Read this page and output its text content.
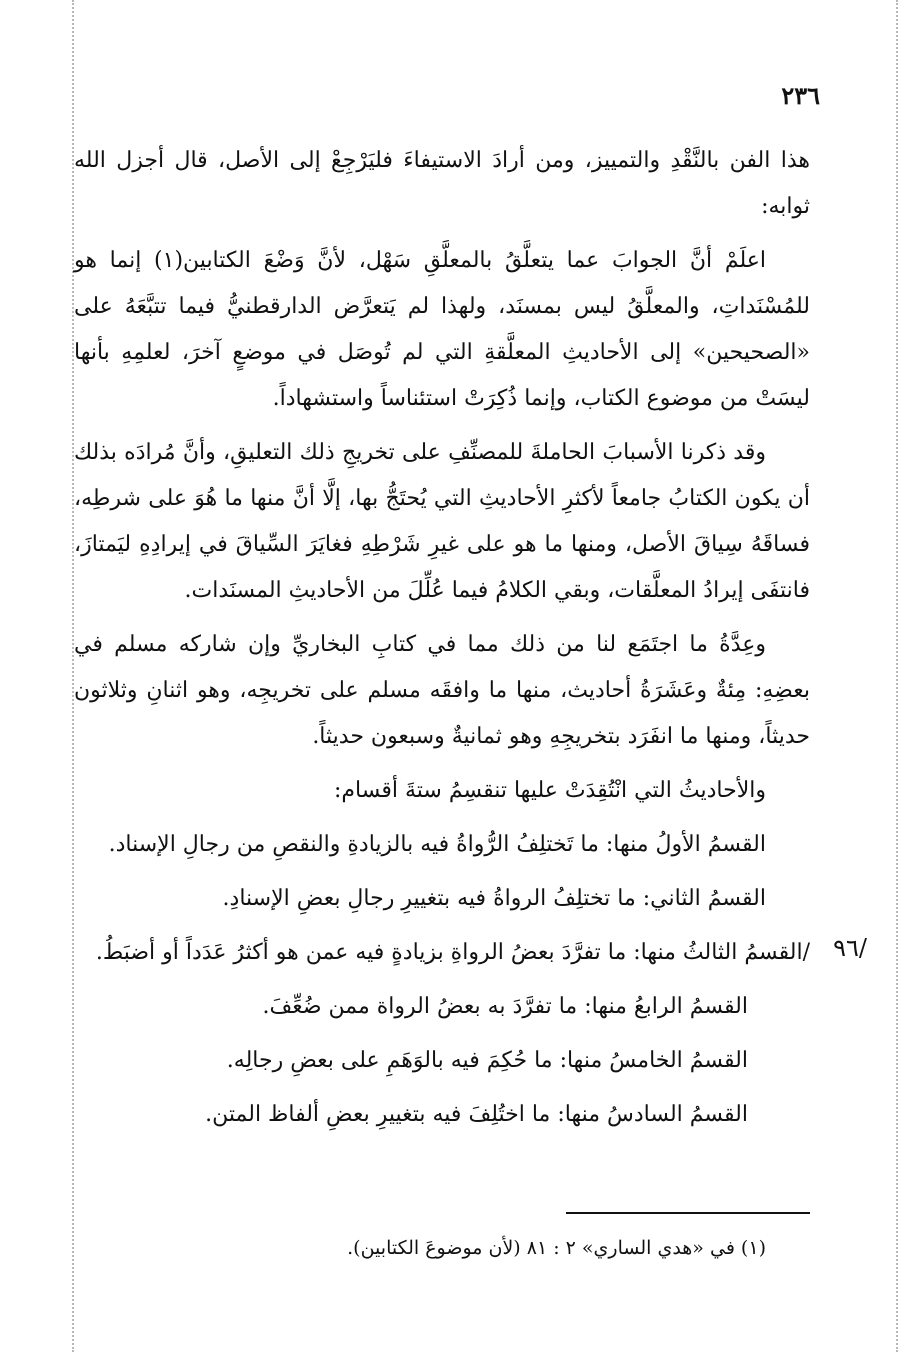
٢٣٦
/٩٦

هذا الفن بالنَّقْدِ والتمييز، ومن أرادَ الاستيفاءَ فليَرْجِعْ إلى الأصل، قال أجزل الله ثوابه:

اعلَمْ أنَّ الجوابَ عما يتعلَّقُ بالمعلَّقِ سَهْل، لأنَّ وَضْعَ الكتابين(١) إنما هو للمُسْنَداتِ، والمعلَّقُ ليس بمسنَد، ولهذا لم يَتعرَّض الدارقطنيُّ فيما تتبَّعَهُ على «الصحيحين» إلى الأحاديثِ المعلَّقةِ التي لم تُوصَل في موضعٍ آخرَ، لعلمِهِ بأنها ليسَتْ من موضوع الكتاب، وإنما ذُكِرَتْ استئناساً واستشهاداً.

وقد ذكرنا الأسبابَ الحاملةَ للمصنِّفِ على تخريجِ ذلك التعليقِ، وأنَّ مُرادَه بذلك أن يكون الكتابُ جامعاً لأكثرِ الأحاديثِ التي يُحتَجُّ بها، إلَّا أنَّ منها ما هُوَ على شرطِه، فساقَهُ سِياقَ الأصل، ومنها ما هو على غيرِ شَرْطِهِ فغايَرَ السِّياقَ في إيرادِهِ ليَمتازَ، فانتفَى إيرادُ المعلَّقات، وبقي الكلامُ فيما عُلِّلَ من الأحاديثِ المسنَدات.

وعِدَّةُ ما اجتَمَع لنا من ذلك مما في كتابِ البخاريِّ وإن شاركه مسلم في بعضِهِ: مِئةٌ وعَشَرَةُ أحاديث، منها ما وافقَه مسلم على تخريجِه، وهو اثنانِ وثلاثون حديثاً، ومنها ما انفَرَد بتخريجِهِ وهو ثمانيةٌ وسبعون حديثاً.

والأحاديثُ التي انْتُقِدَتْ عليها تنقسِمُ ستةَ أقسام:

القسمُ الأولُ منها: ما تَختلِفُ الرُّواةُ فيه بالزيادةِ والنقصِ من رجالِ الإسناد.

القسمُ الثاني: ما تختلِفُ الرواةُ فيه بتغييرِ رجالِ بعضِ الإسنادِ.

/القسمُ الثالثُ منها: ما تفرَّدَ بعضُ الرواةِ بزيادةٍ فيه عمن هو أكثرُ عَدَداً أو أضبَطُ.

القسمُ الرابعُ منها: ما تفرَّدَ به بعضُ الرواة ممن ضُعِّفَ.

القسمُ الخامسُ منها: ما حُكِمَ فيه بالوَهَمِ على بعضِ رجالِه.

القسمُ السادسُ منها: ما اختُلِفَ فيه بتغييرِ بعضِ ألفاظ المتن.

(١) في «هدي الساري» ٢ : ٨١ (لأن موضوعَ الكتابين).
